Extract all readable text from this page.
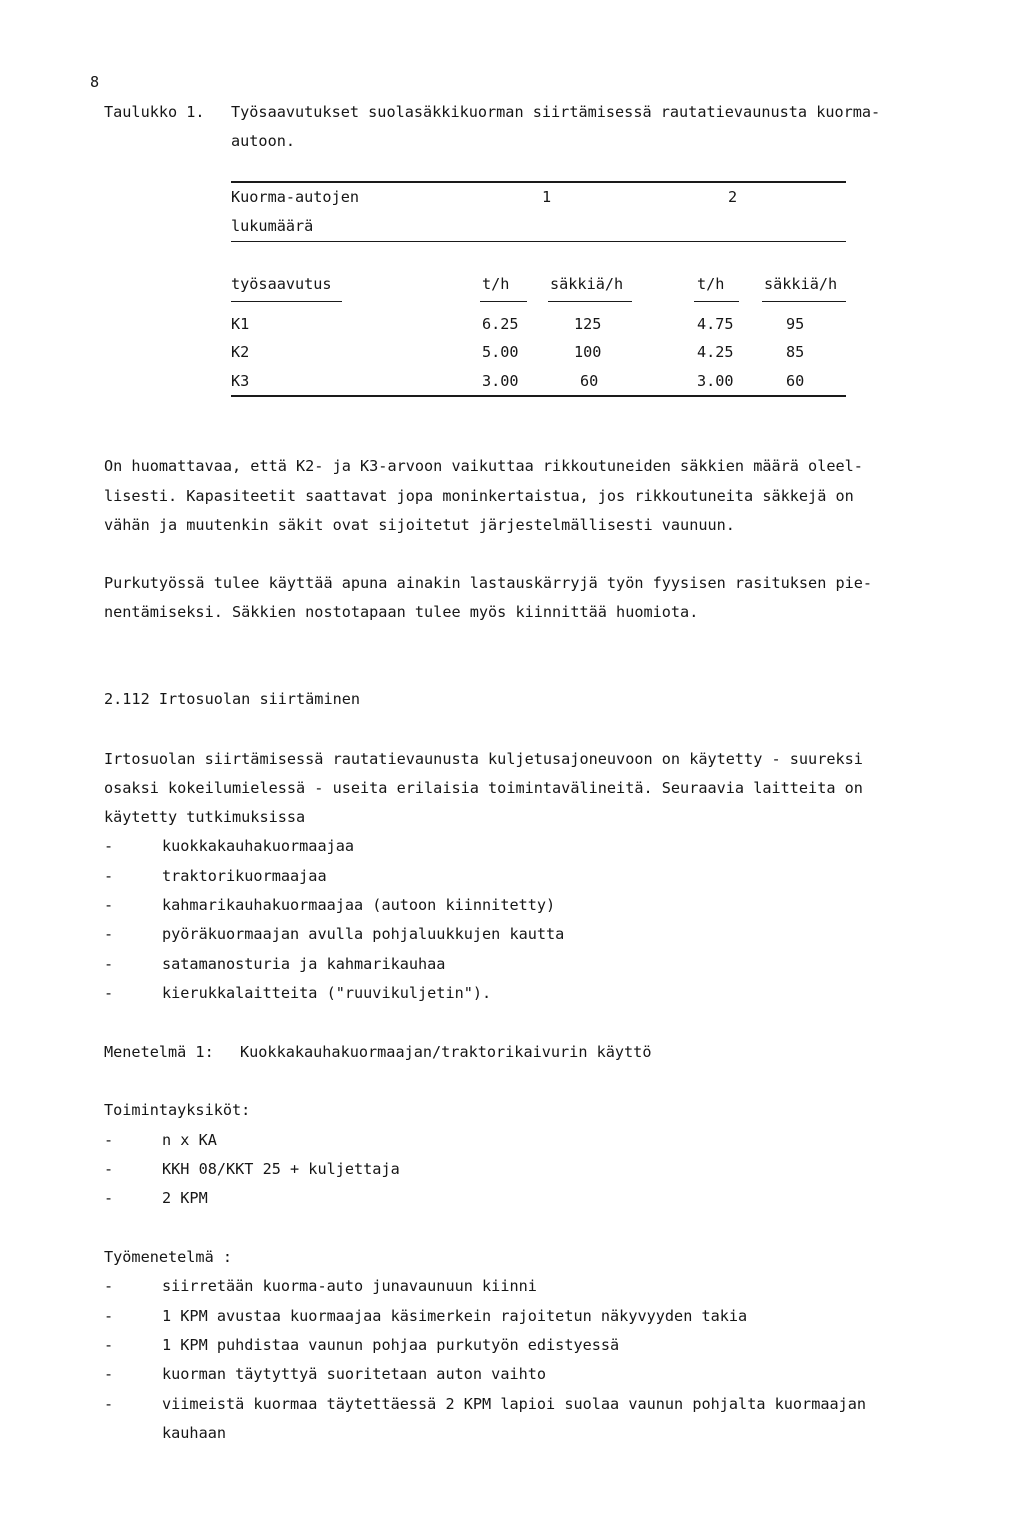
8
Taulukko 1. Työsaavutukset suolasäkkikuorman siirtämisessä rautatievaunusta kuorma-
autoon.
Kuorma-autojen
lukumäärä
1	2
työsaavutus	t/h	säkkiä/h	t/h	säkkiä/h
K1	6.25	125	4.75	95
K2	5.00	100	4.25	85
K3	3.00	60	3.00	60
On huomattavaa, että K2- ja K3-arvoon vaikuttaa rikkoutuneiden säkkien määrä oleel-
lisesti. Kapasiteetit saattavat jopa moninkertaistua, jos rikkoutuneita säkkejä on
vähän ja muutenkin säkit ovat sijoitetut järjestelmällisesti vaunuun.
Purkutyössä tulee käyttää apuna ainakin lastauskärryjä työn fyysisen rasituksen pie-
nentämiseksi. Säkkien nostotapaan tulee myös kiinnittää huomiota.
2.112 Irtosuolan siirtäminen
Irtosuolan siirtämisessä rautatievaunusta kuljetusajoneuvoon on käytetty - suureksi
osaksi kokeilumielessä - useita erilaisia toimintavälineitä. Seuraavia laitteita on
käytetty tutkimuksissa
-	kuokkakauhakuormaajaa
-	traktorikuormaajaa
-	kahmarikauhakuormaajaa (autoon kiinnitetty)
-	pyöräkuormaajan avulla pohjaluukkujen kautta
-	satamanosturia ja kahmarikauhaa
-	kierukkalaitteita ("ruuvikuljetin").
Menetelmä 1: Kuokkakauhakuormaajan/traktorikaivurin käyttö
Toimintayksiköt:
-	n x KA
-	KKH 08/KKT 25 + kuljettaja
-	2 KPM
Työmenetelmä :
-	siirretään kuorma-auto junavaunuun kiinni
-	1 KPM avustaa kuormaajaa käsimerkein rajoitetun näkyvyyden takia
-	1 KPM puhdistaa vaunun pohjaa purkutyön edistyessä
-	kuorman täytyttyä suoritetaan auton vaihto
-	viimeistä kuormaa täytettäessä 2 KPM lapioi suolaa vaunun pohjalta kuormaajan
kauhaan
